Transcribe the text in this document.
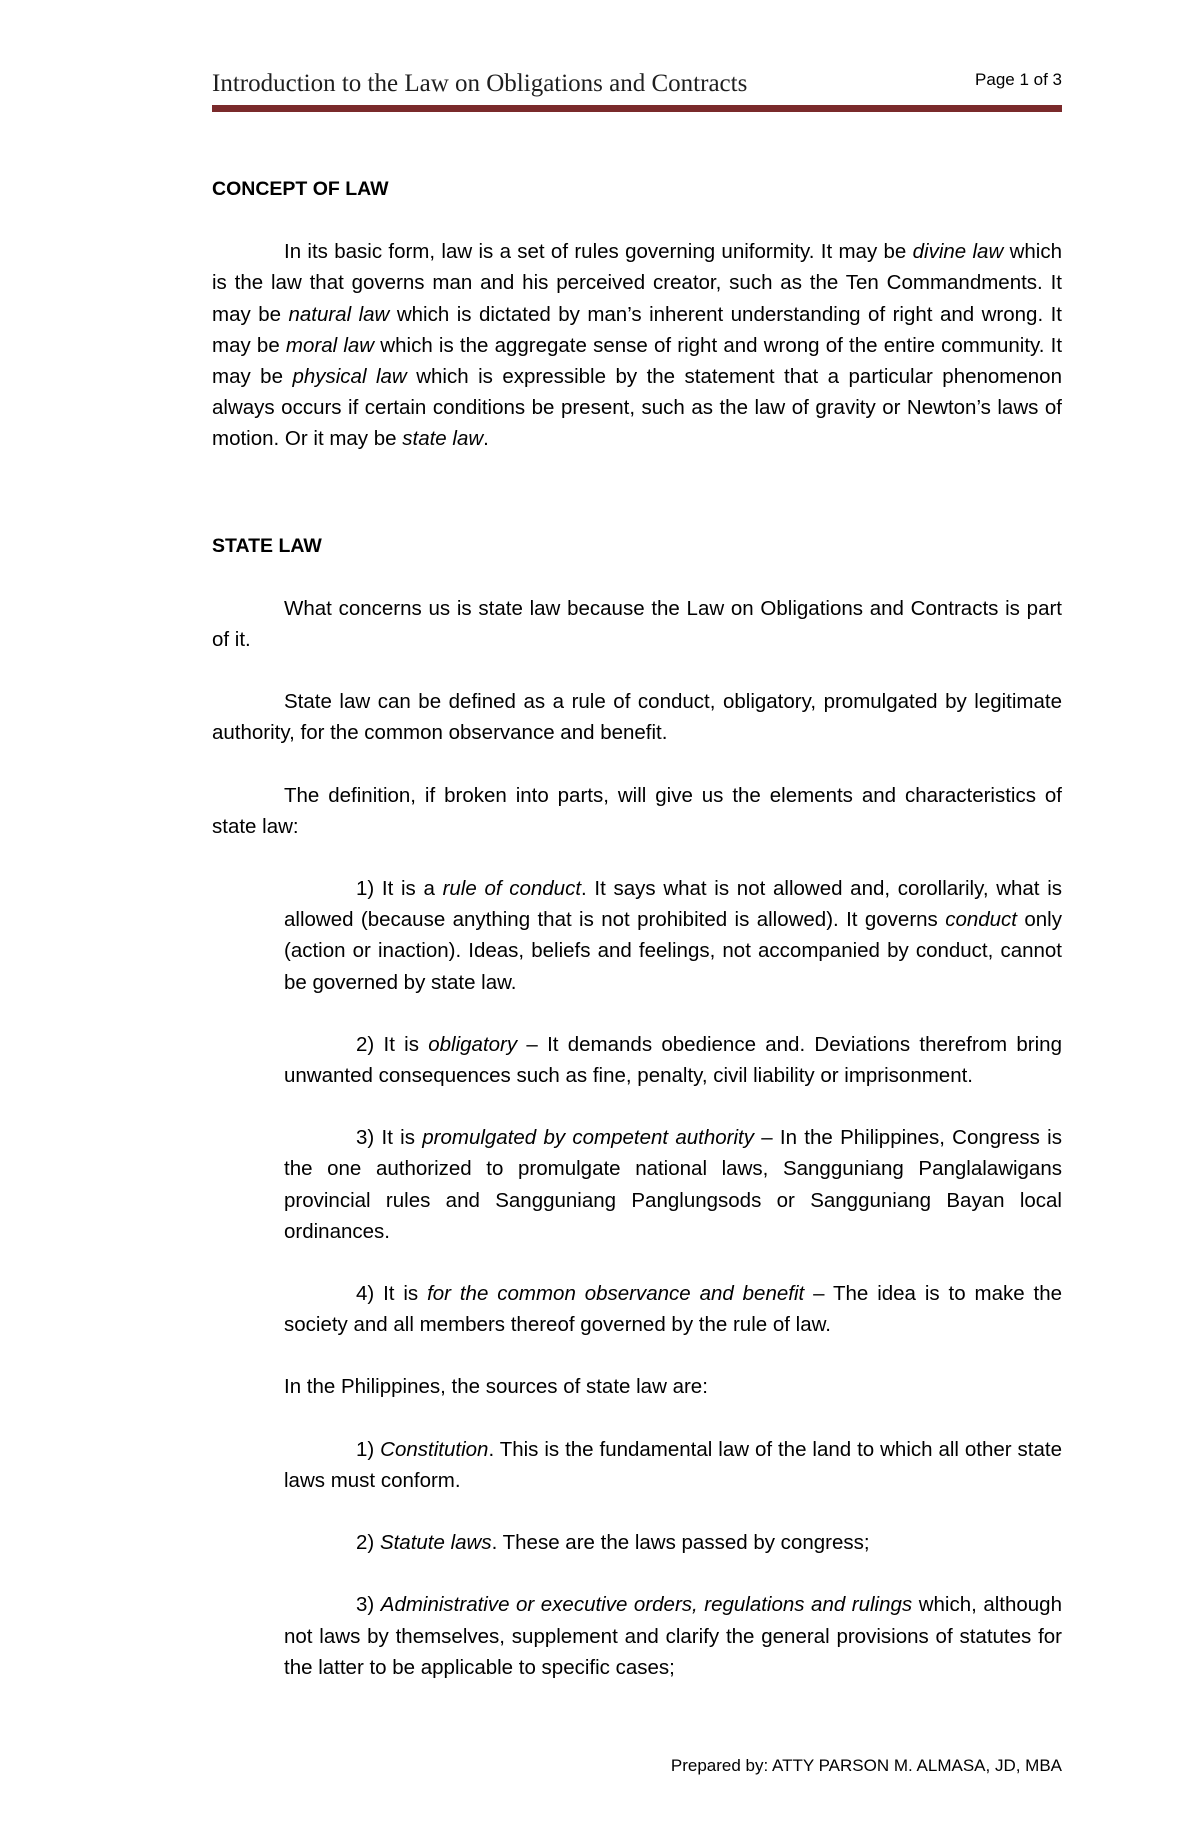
Introduction to the Law on Obligations and Contracts	Page 1 of 3
CONCEPT OF LAW

In its basic form, law is a set of rules governing uniformity. It may be divine law which is the law that governs man and his perceived creator, such as the Ten Commandments. It may be natural law which is dictated by man’s inherent understanding of right and wrong. It may be moral law which is the aggregate sense of right and wrong of the entire community. It may be physical law which is expressible by the statement that a particular phenomenon always occurs if certain conditions be present, such as the law of gravity or Newton’s laws of motion. Or it may be state law.

STATE LAW

What concerns us is state law because the Law on Obligations and Contracts is part of it.

State law can be defined as a rule of conduct, obligatory, promulgated by legitimate authority, for the common observance and benefit.

The definition, if broken into parts, will give us the elements and characteristics of state law:

1) It is a rule of conduct. It says what is not allowed and, corollarily, what is allowed (because anything that is not prohibited is allowed). It governs conduct only (action or inaction). Ideas, beliefs and feelings, not accompanied by conduct, cannot be governed by state law.

2) It is obligatory – It demands obedience and. Deviations therefrom bring unwanted consequences such as fine, penalty, civil liability or imprisonment.

3) It is promulgated by competent authority – In the Philippines, Congress is the one authorized to promulgate national laws, Sangguniang Panglalawigans provincial rules and Sangguniang Panglungsods or Sangguniang Bayan local ordinances.

4) It is for the common observance and benefit – The idea is to make the society and all members thereof governed by the rule of law.

In the Philippines, the sources of state law are:

1) Constitution. This is the fundamental law of the land to which all other state laws must conform.

2) Statute laws. These are the laws passed by congress;

3) Administrative or executive orders, regulations and rulings which, although not laws by themselves, supplement and clarify the general provisions of statutes for the latter to be applicable to specific cases;

Prepared by: ATTY PARSON M. ALMASA, JD, MBA
